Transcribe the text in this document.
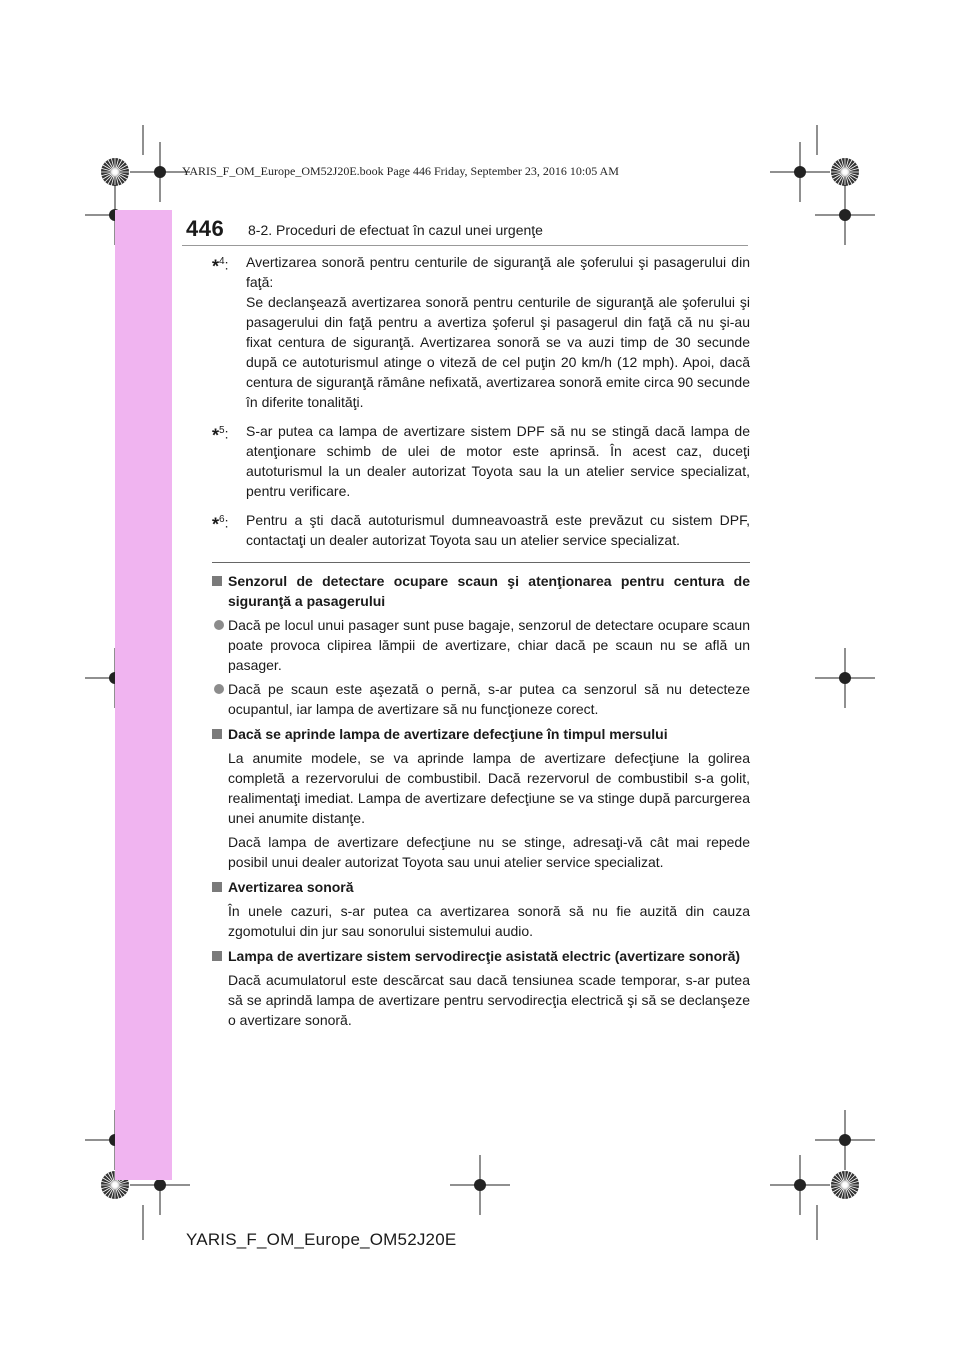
YARIS_F_OM_Europe_OM52J20E.book Page 446 Friday, September 23, 2016 10:05 AM
446 8-2. Proceduri de efectuat în cazul unei urgenţe
*$^4$: Avertizarea sonoră pentru centurile de siguranţă ale şoferului şi pasagerului din faţă:

Se declanşează avertizarea sonoră pentru centurile de siguranţă ale şoferului şi pasagerului din faţă pentru a avertiza şoferul şi pasagerul din faţă că nu şi-au fixat centura de siguranţă. Avertizarea sonoră se va auzi timp de 30 secunde după ce autoturismul atinge o viteză de cel puţin 20 km/h (12 mph). Apoi, dacă centura de siguranţă rămâne nefixată, avertizarea sonoră emite circa 90 secunde în diferite tonalităţi.

*$^5$: S-ar putea ca lampa de avertizare sistem DPF să nu se stingă dacă lampa de atenţionare schimb de ulei de motor este aprinsă. În acest caz, duceţi autoturismul la un dealer autorizat Toyota sau la un atelier service specializat, pentru verificare.

*$^6$: Pentru a şti dacă autoturismul dumneavoastră este prevăzut cu sistem DPF, contactaţi un dealer autorizat Toyota sau un atelier service specializat.

Senzorul de detectare ocupare scaun şi atenţionarea pentru centura de siguranţă a pasagerului
Dacă pe locul unui pasager sunt puse bagaje, senzorul de detectare ocupare scaun poate provoca clipirea lămpii de avertizare, chiar dacă pe scaun nu se află un pasager.
Dacă pe scaun este aşezată o pernă, s-ar putea ca senzorul să nu detecteze ocupantul, iar lampa de avertizare să nu funcţioneze corect.
Dacă se aprinde lampa de avertizare defecţiune în timpul mersului

La anumite modele, se va aprinde lampa de avertizare defecţiune la golirea completă a rezervorului de combustibil. Dacă rezervorul de combustibil s-a golit, realimentaţi imediat. Lampa de avertizare defecţiune se va stinge după parcurgerea unei anumite distanţe.

Dacă lampa de avertizare defecţiune nu se stinge, adresaţi-vă cât mai repede posibil unui dealer autorizat Toyota sau unui atelier service specializat.

Avertizarea sonoră

În unele cazuri, s-ar putea ca avertizarea sonoră să nu fie auzită din cauza zgomotului din jur sau sonorului sistemului audio.

Lampa de avertizare sistem servodirecţie asistată electric (avertizare sonoră)

Dacă acumulatorul este descărcat sau dacă tensiunea scade temporar, s-ar putea să se aprindă lampa de avertizare pentru servodirecţia electrică şi să se declanşeze o avertizare sonoră.

YARIS_F_OM_Europe_OM52J20E
